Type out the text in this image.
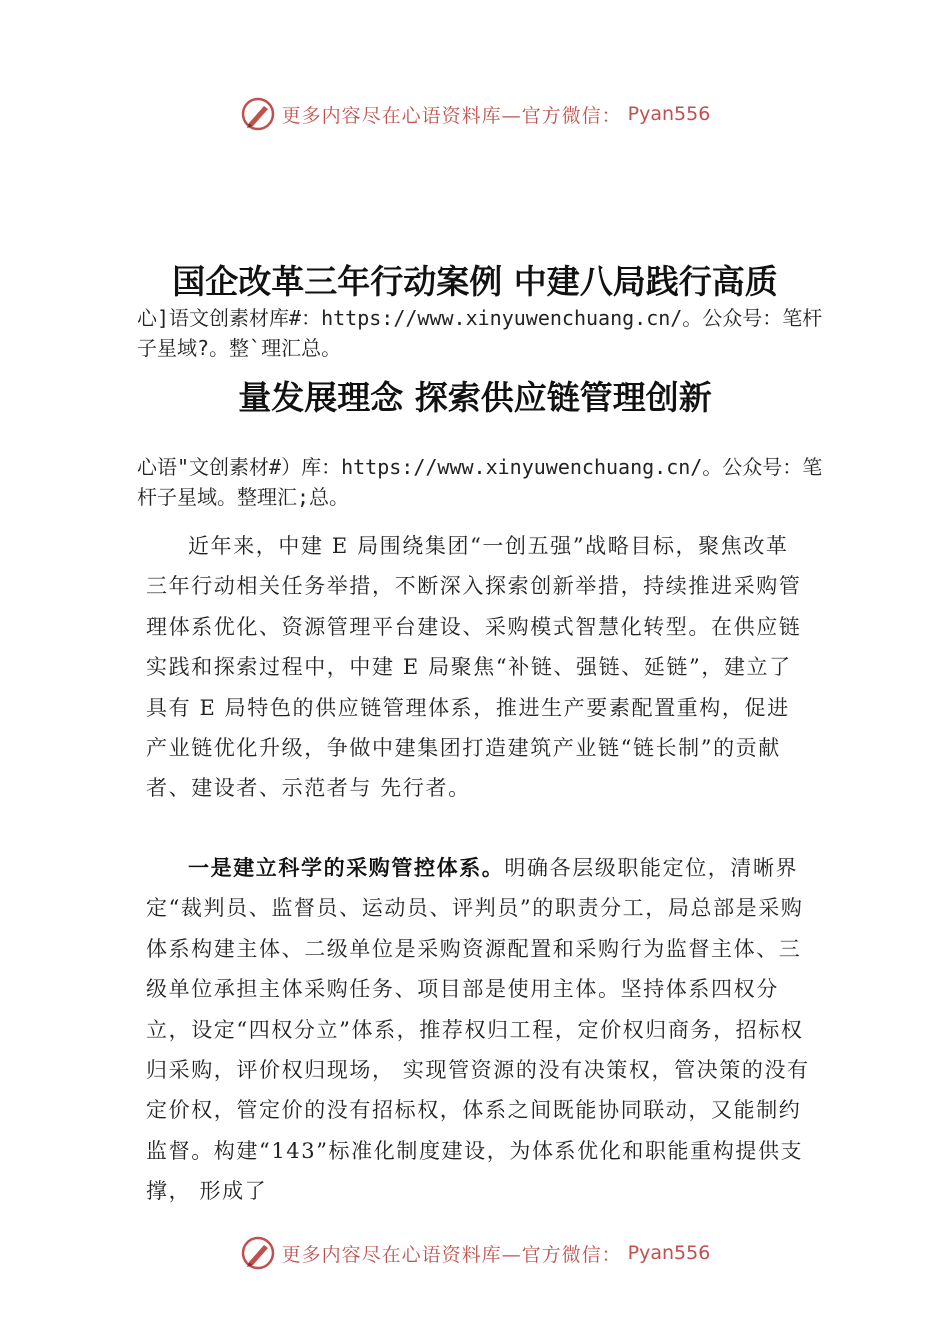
更多内容尽在心语资料库—官方微信： Pyan556
国企改革三年行动案例 中建八局践行高质

心]语文创素材库#：https://www.xinyuwenchuang.cn/。公众号：笔杆子星域?。整`理汇总。

量发展理念 探索供应链管理创新

心语"文创素材#）库：https://www.xinyuwenchuang.cn/。公众号：笔杆子星域。整理汇;总。

近年来，中建 E 局围绕集团“一创五强”战略目标，聚焦改革三年行动相关任务举措，不断深入探索创新举措，持续推进采购管理体系优化、资源管理平台建设、采购模式智慧化转型。在供应链实践和探索过程中，中建 E 局聚焦“补链、强链、延链”，建立了具有 E 局特色的供应链管理体系，推进生产要素配置重构，促进产业链优化升级，争做中建集团打造建筑产业链“链长制”的贡献者、建设者、示范者与 先行者。

一是建立科学的采购管控体系。明确各层级职能定位，清晰界定“裁判员、监督员、运动员、评判员”的职责分工，局总部是采购体系构建主体、二级单位是采购资源配置和采购行为监督主体、三级单位承担主体采购任务、项目部是使用主体。坚持体系四权分立，设定“四权分立”体系，推荐权归工程，定价权归商务，招标权归采购，评价权归现场， 实现管资源的没有决策权，管决策的没有定价权，管定价的没有招标权，体系之间既能协同联动，又能制约监督。构建“143”标准化制度建设，为体系优化和职能重构提供支撑， 形成了

更多内容尽在心语资料库—官方微信： Pyan556
